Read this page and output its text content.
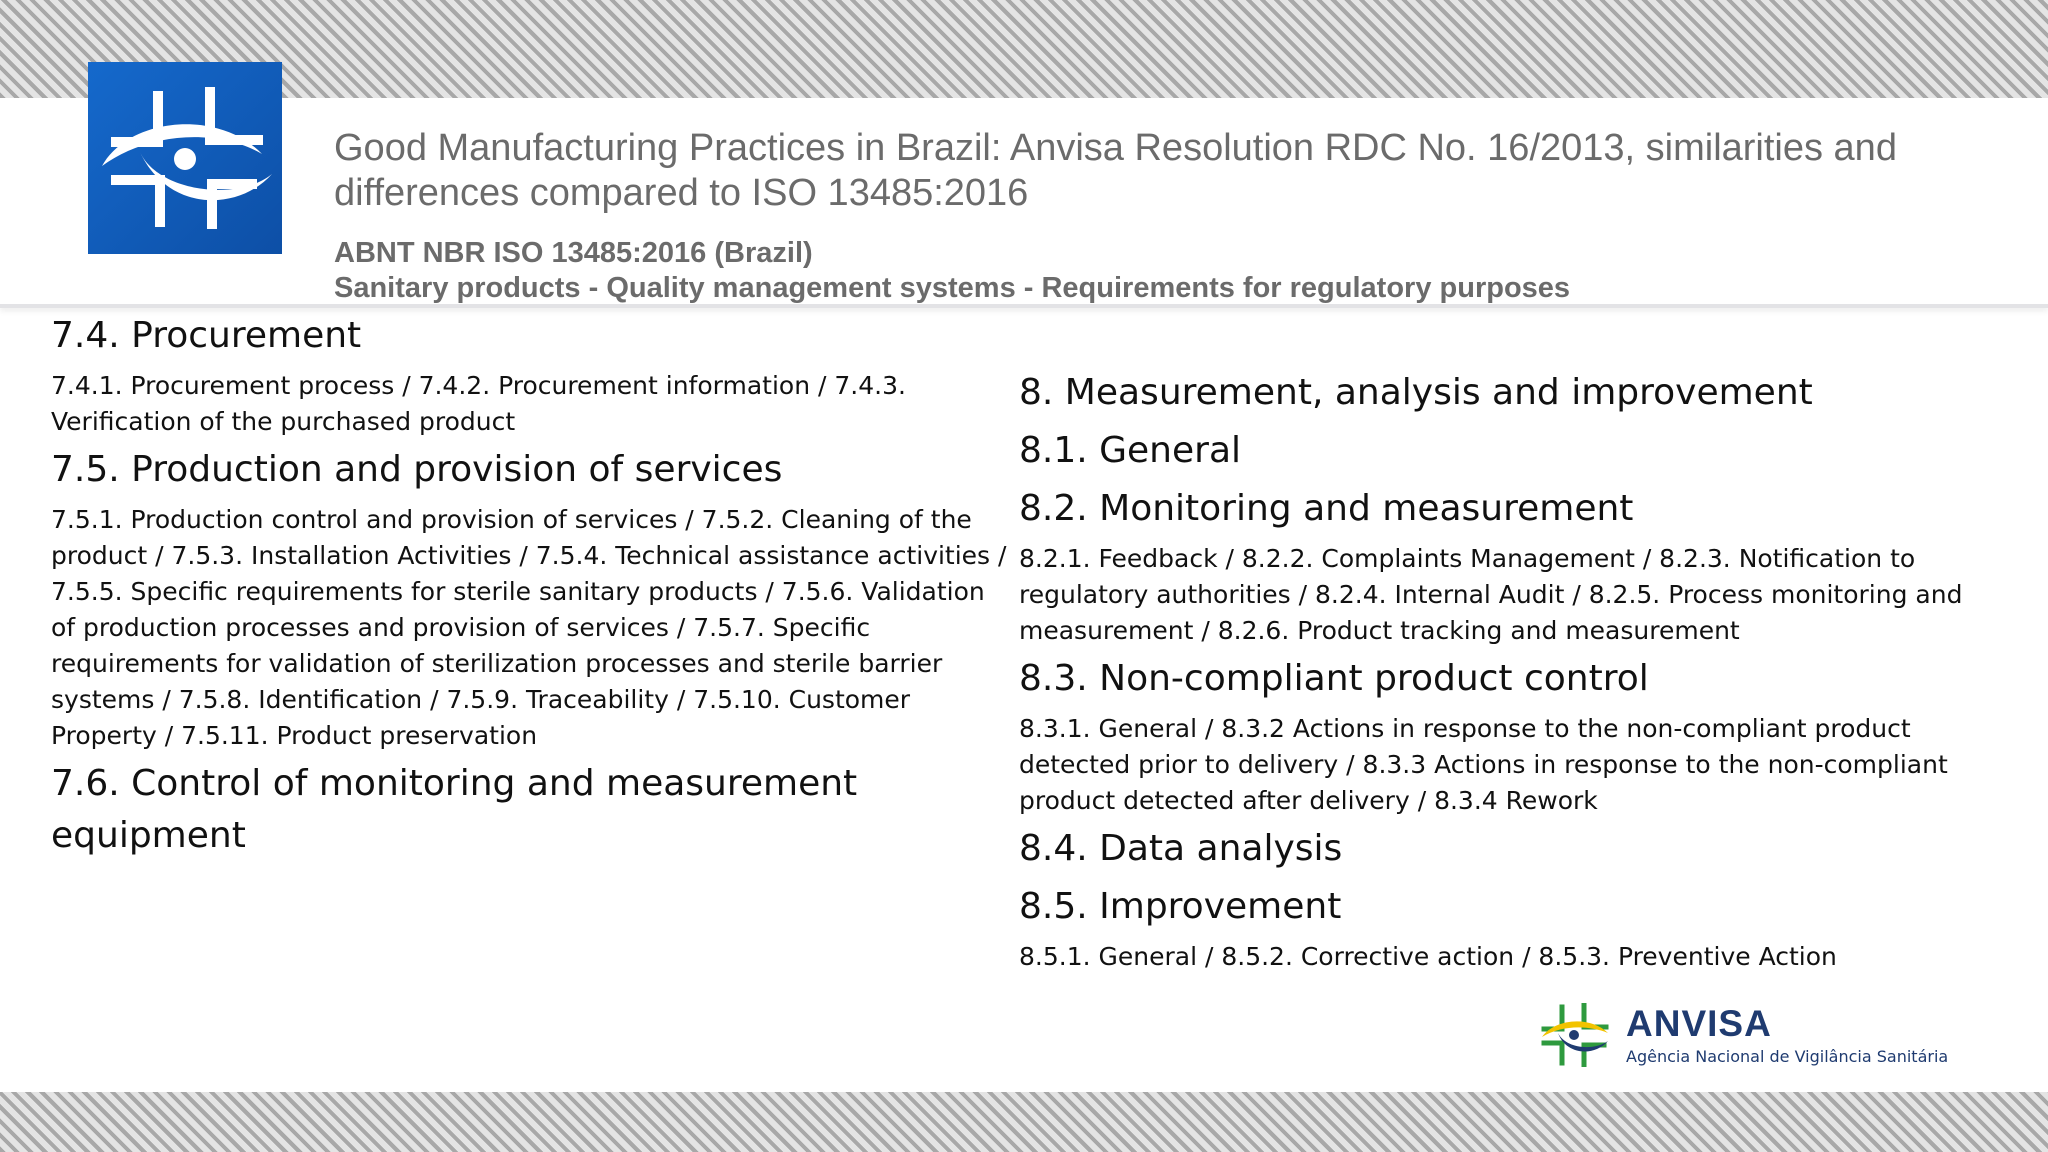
Good Manufacturing Practices in Brazil: Anvisa Resolution RDC No. 16/2013, similarities and differences compared to ISO 13485:2016
ABNT NBR ISO 13485:2016 (Brazil)
Sanitary products - Quality management systems - Requirements for regulatory purposes
7.4. Procurement
7.4.1. Procurement process / 7.4.2. Procurement information / 7.4.3. Verification of the purchased product
7.5. Production and provision of services
7.5.1. Production control and provision of services / 7.5.2. Cleaning of the product / 7.5.3. Installation Activities / 7.5.4. Technical assistance activities / 7.5.5. Specific requirements for sterile sanitary products / 7.5.6. Validation of production processes and provision of services / 7.5.7. Specific requirements for validation of sterilization processes and sterile barrier systems / 7.5.8. Identification / 7.5.9. Traceability / 7.5.10. Customer Property / 7.5.11. Product preservation
7.6. Control of monitoring and measurement equipment
8. Measurement, analysis and improvement
8.1. General
8.2. Monitoring and measurement
8.2.1. Feedback / 8.2.2. Complaints Management / 8.2.3. Notification to regulatory authorities / 8.2.4. Internal Audit / 8.2.5. Process monitoring and measurement / 8.2.6. Product tracking and measurement
8.3. Non-compliant product control
8.3.1. General / 8.3.2 Actions in response to the non-compliant product detected prior to delivery / 8.3.3 Actions in response to the non-compliant product detected after delivery / 8.3.4 Rework
8.4. Data analysis
8.5. Improvement
8.5.1. General / 8.5.2. Corrective action / 8.5.3. Preventive Action
ANVISA
Agência Nacional de Vigilância Sanitária
